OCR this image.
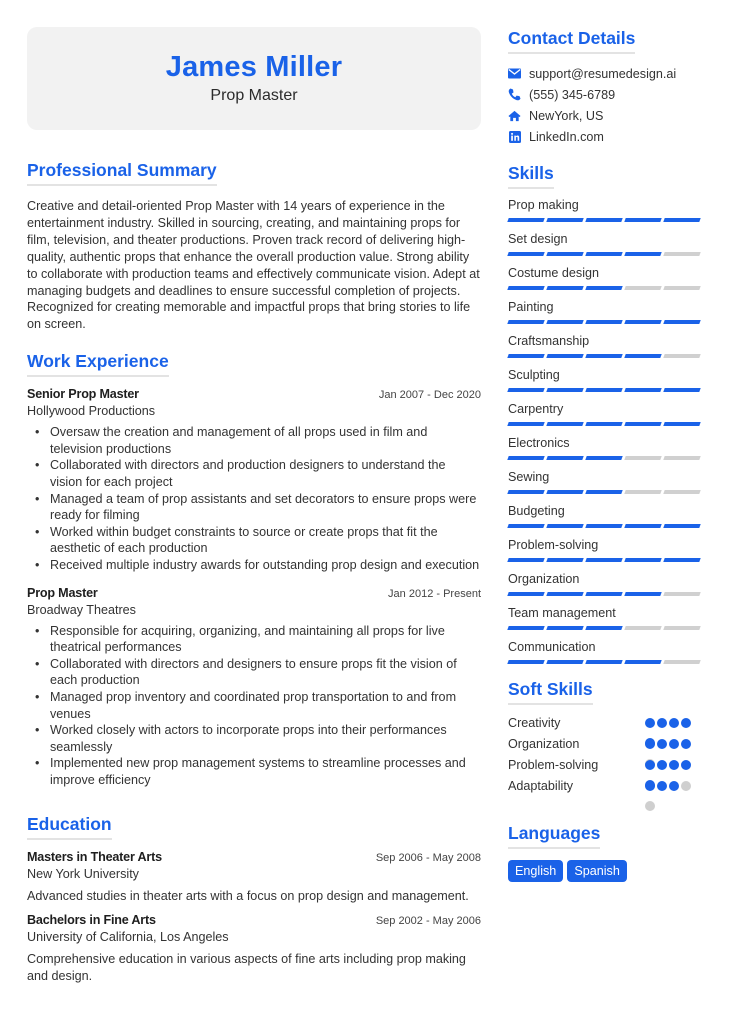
James Miller
Prop Master
Professional Summary

Creative and detail-oriented Prop Master with 14 years of experience in the entertainment industry. Skilled in sourcing, creating, and maintaining props for film, television, and theater productions. Proven track record of delivering high-quality, authentic props that enhance the overall production value. Strong ability to collaborate with production teams and effectively communicate vision. Adept at managing budgets and deadlines to ensure successful completion of projects. Recognized for creating memorable and impactful props that bring stories to life on screen.

Work Experience
Senior Prop Master	Jan 2007 - Dec 2020
Hollywood Productions
• Oversaw the creation and management of all props used in film and television productions
• Collaborated with directors and production designers to understand the vision for each project
• Managed a team of prop assistants and set decorators to ensure props were ready for filming
• Worked within budget constraints to source or create props that fit the aesthetic of each production
• Received multiple industry awards for outstanding prop design and execution
Prop Master	Jan 2012 - Present
Broadway Theatres
• Responsible for acquiring, organizing, and maintaining all props for live theatrical performances
• Collaborated with directors and designers to ensure props fit the vision of each production
• Managed prop inventory and coordinated prop transportation to and from venues
• Worked closely with actors to incorporate props into their performances seamlessly
• Implemented new prop management systems to streamline processes and improve efficiency
Education
Masters in Theater Arts	Sep 2006 - May 2008
New York University

Advanced studies in theater arts with a focus on prop design and management.

Bachelors in Fine Arts	Sep 2002 - May 2006
University of California, Los Angeles

Comprehensive education in various aspects of fine arts including prop making and design.

Contact Details
support@resumedesign.ai
(555) 345-6789
NewYork, US
LinkedIn.com
Skills
Prop making
Set design
Costume design
Painting
Craftsmanship
Sculpting
Carpentry
Electronics
Sewing
Budgeting
Problem-solving
Organization
Team management
Communication
Soft Skills
Creativity
Organization
Problem-solving
Adaptability
Languages
English	Spanish
